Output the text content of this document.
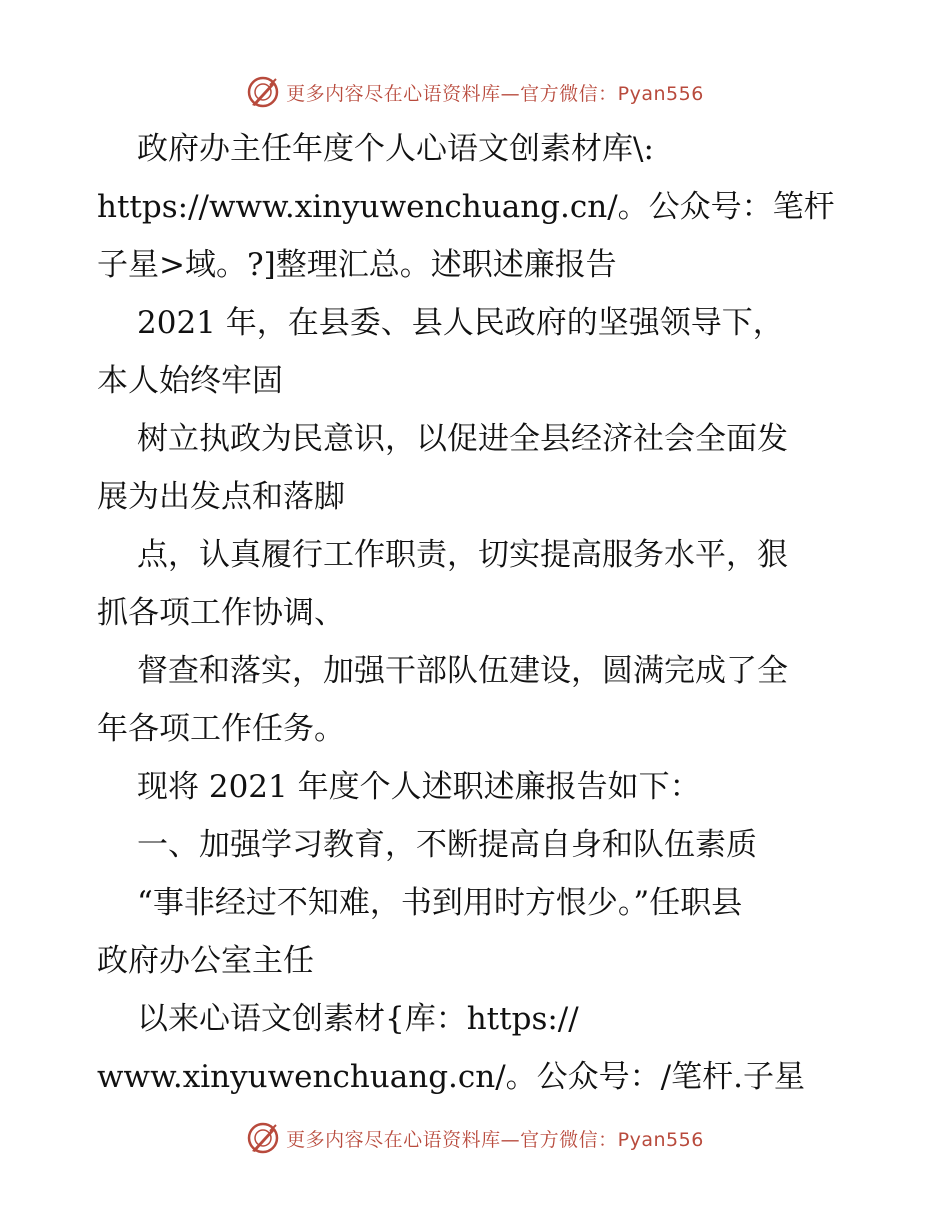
更多内容尽在心语资料库—官方微信：Pyan556
政府办主任年度个人心语文创素材库\:
https://www.xinyuwenchuang.cn/。公众号：笔杆
子星>域。?]整理汇总。述职述廉报告
2021 年，在县委、县人民政府的坚强领导下，
本人始终牢固
树立执政为民意识，以促进全县经济社会全面发
展为出发点和落脚
点，认真履行工作职责，切实提高服务水平，狠
抓各项工作协调、
督查和落实，加强干部队伍建设，圆满完成了全
年各项工作任务。
现将 2021 年度个人述职述廉报告如下：
一、加强学习教育，不断提高自身和队伍素质
“事非经过不知难，书到用时方恨少。”任职县
政府办公室主任
以来心语文创素材{库：https://
www.xinyuwenchuang.cn/。公众号：/笔杆.子星
更多内容尽在心语资料库—官方微信：Pyan556
